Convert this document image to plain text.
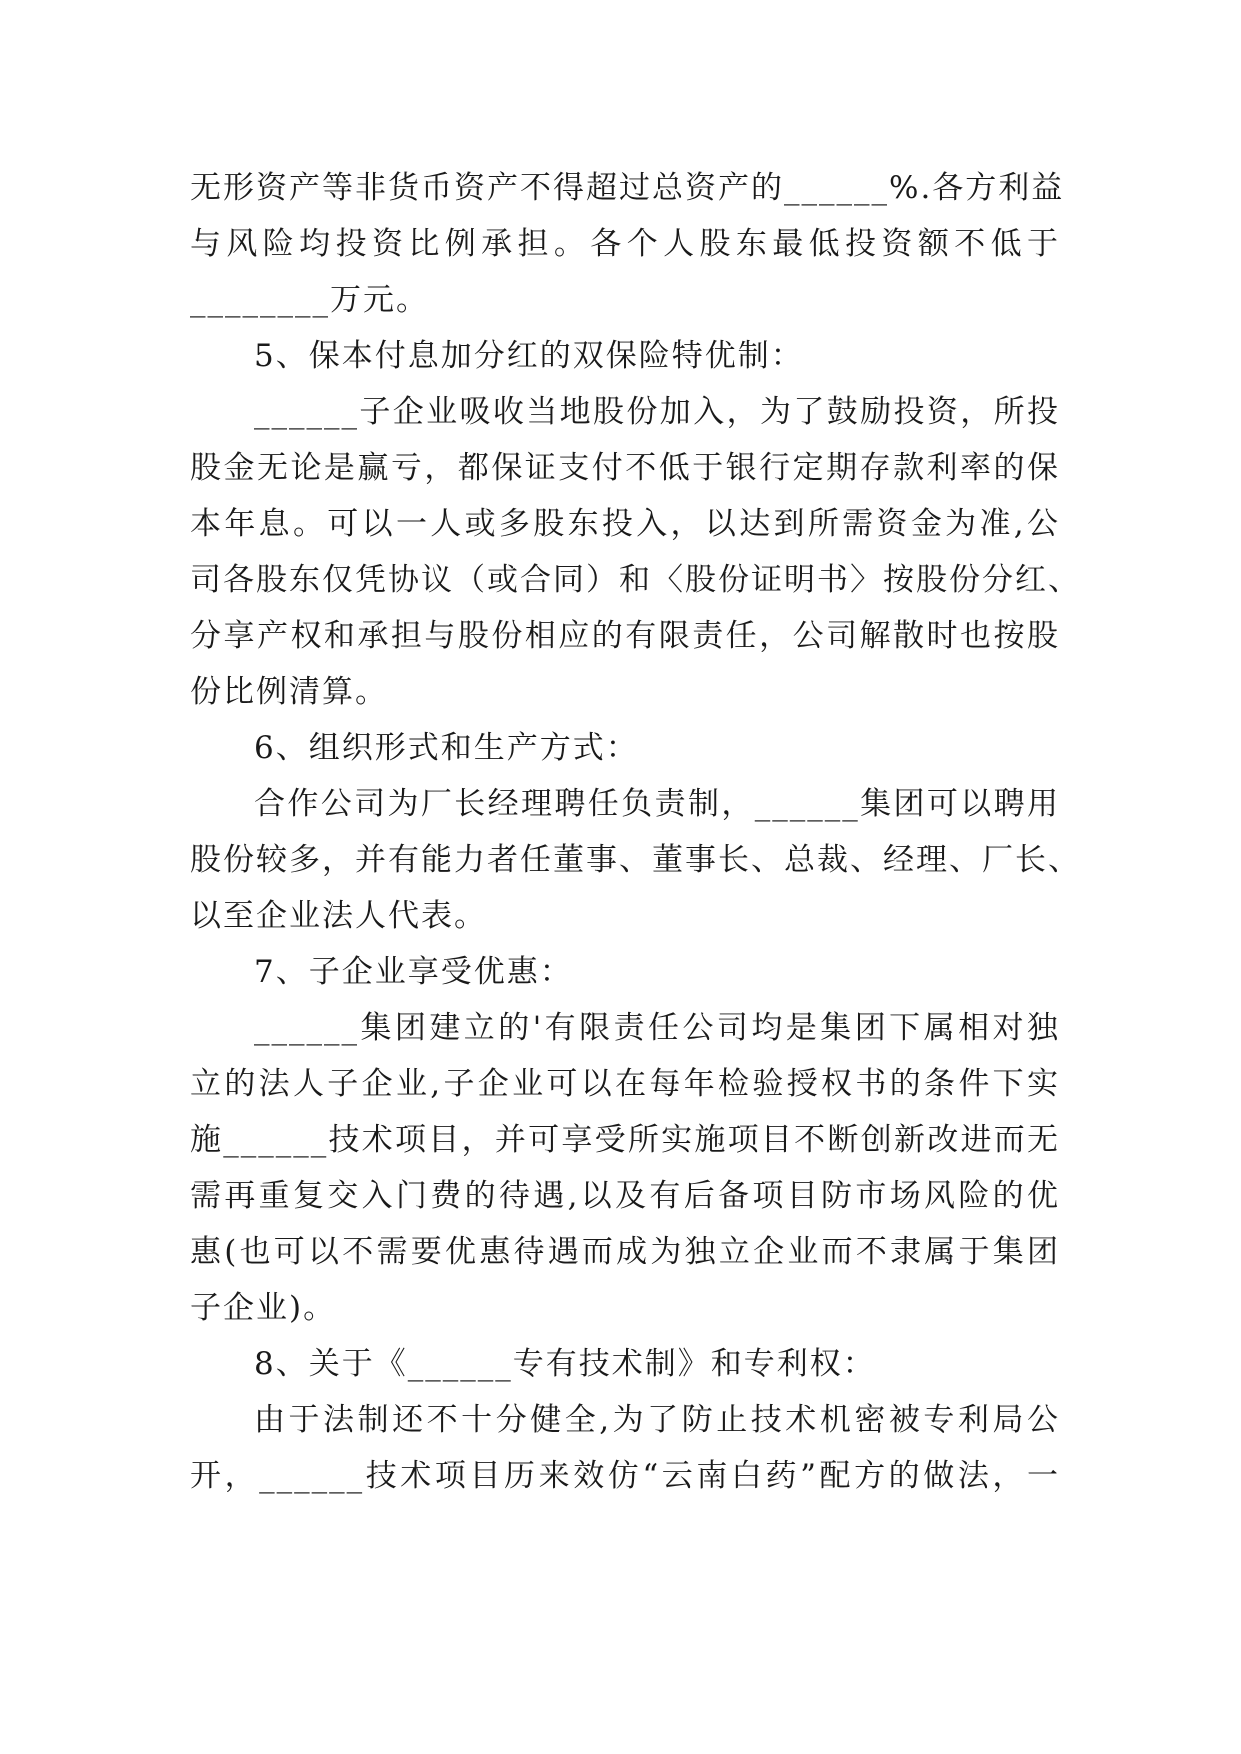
无形资产等非货币资产不得超过总资产的______%.各方利益
与风险均投资比例承担。各个人股东最低投资额不低于
________万元。
5、保本付息加分红的双保险特优制：
______子企业吸收当地股份加入，为了鼓励投资，所投
股金无论是赢亏，都保证支付不低于银行定期存款利率的保
本年息。可以一人或多股东投入，以达到所需资金为准,公
司各股东仅凭协议（或合同）和〈股份证明书〉按股份分红、
分享产权和承担与股份相应的有限责任，公司解散时也按股
份比例清算。
6、组织形式和生产方式：
合作公司为厂长经理聘任负责制，______集团可以聘用
股份较多，并有能力者任董事、董事长、总裁、经理、厂长、
以至企业法人代表。
7、子企业享受优惠：
______集团建立的'有限责任公司均是集团下属相对独
立的法人子企业,子企业可以在每年检验授权书的条件下实
施______技术项目，并可享受所实施项目不断创新改进而无
需再重复交入门费的待遇,以及有后备项目防市场风险的优
惠(也可以不需要优惠待遇而成为独立企业而不隶属于集团
子企业)。
8、关于《______专有技术制》和专利权：
由于法制还不十分健全,为了防止技术机密被专利局公
开，______技术项目历来效仿“云南白药”配方的做法，一
